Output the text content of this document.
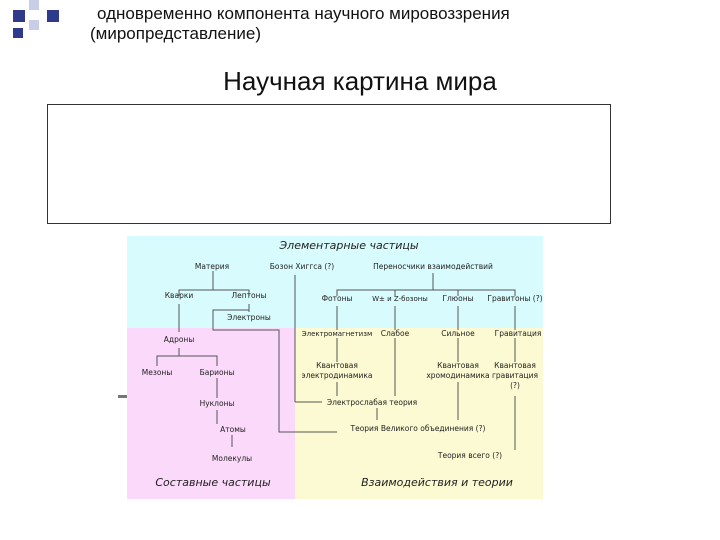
одновременно компонента научного мировоззрения
(миропредставление)
Научная картина мира
Элементарные частицы
Материя	Бозон Хиггса (?)	Переносчики взаимодействий
Кварки	Лептоны
Электроны
Фотоны	W± и Z-бозоны Глюоны Гравитоны (?)
Адроны
Электромагнетизм Слабое	Сильное	Гравитация
Мезоны	Барионы
Квантовая
электродинамика
Квантовая
хромодинамика
Квантовая
гравитация
(?)
Нуклоны	Электрослабая теория
Атомы	Теория Великого объединения (?)
Молекулы	Теория всего (?)
Составные частицы	Взаимодействия и теории
